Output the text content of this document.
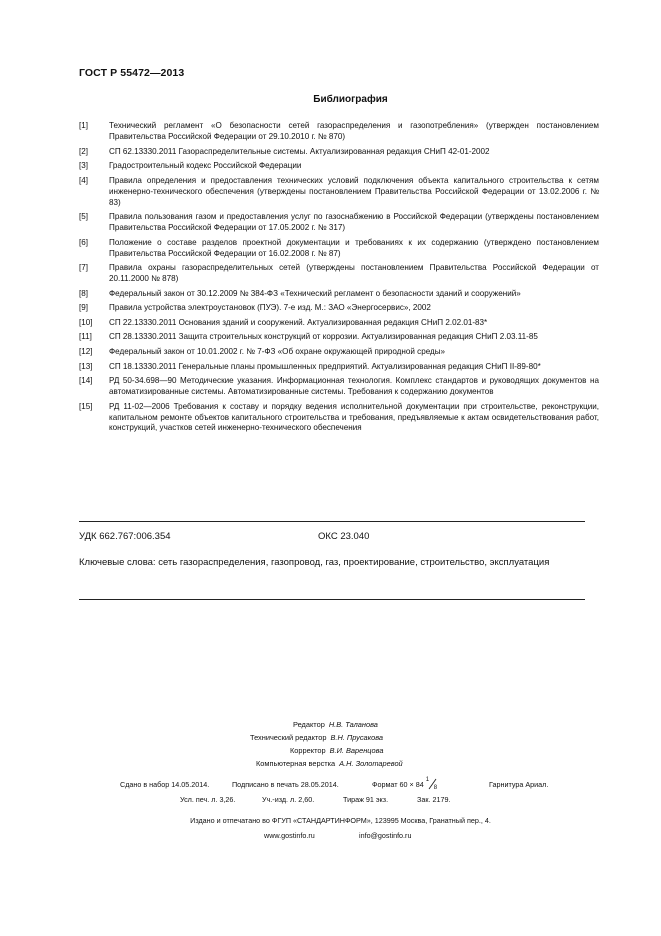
ГОСТ Р 55472—2013
Библиография
[1]	Технический регламент «О безопасности сетей газораспределения и газопотребления» (утвержден постановлением Правительства Российской Федерации от 29.10.2010 г. № 870)
[2]	СП 62.13330.2011 Газораспределительные системы. Актуализированная редакция СНиП 42-01-2002
[3]	Градостроительный кодекс Российской Федерации
[4]	Правила определения и предоставления технических условий подключения объекта капитального строительства к сетям инженерно-технического обеспечения (утверждены постановлением Правительства Российской Федерации от 13.02.2006 г. № 83)
[5]	Правила пользования газом и предоставления услуг по газоснабжению в Российской Федерации (утверждены постановлением Правительства Российской Федерации от 17.05.2002 г. № 317)
[6]	Положение о составе разделов проектной документации и требованиях к их содержанию (утверждено постановлением Правительства Российской Федерации от 16.02.2008 г. № 87)
[7]	Правила охраны газораспределительных сетей (утверждены постановлением Правительства Российской Федерации от 20.11.2000 № 878)
[8]	Федеральный закон от 30.12.2009 № 384-ФЗ «Технический регламент о безопасности зданий и сооружений»
[9]	Правила устройства электроустановок (ПУЭ). 7-е изд. М.: ЗАО «Энергосервис», 2002
[10]	СП 22.13330.2011 Основания зданий и сооружений. Актуализированная редакция СНиП 2.02.01-83*
[11]	СП 28.13330.2011 Защита строительных конструкций от коррозии. Актуализированная редакция СНиП 2.03.11-85
[12]	Федеральный закон от 10.01.2002 г. № 7-ФЗ «Об охране окружающей природной среды»
[13]	СП 18.13330.2011 Генеральные планы промышленных предприятий. Актуализированная редакция СНиП II-89-80*
[14]	РД 50-34.698—90 Методические указания. Информационная технология. Комплекс стандартов и руководящих документов на автоматизированные системы. Автоматизированные системы. Требования к содержанию документов
[15]	РД 11-02—2006 Требования к составу и порядку ведения исполнительной документации при строительстве, реконструкции, капитальном ремонте объектов капитального строительства и требования, предъявляемые к актам освидетельствования работ, конструкций, участков сетей инженерно-технического обеспечения
УДК 662.767:006.354	ОКС 23.040
Ключевые слова: сеть газораспределения, газопровод, газ, проектирование, строительство, эксплуатация
Редактор Н.В. Таланова
Технический редактор В.Н. Прусакова
Корректор В.И. Варенцова
Компьютерная верстка А.Н. Золотаревой
Сдано в набор 14.05.2014.	Подписано в печать 28.05.2014.	Формат 60 × 84 1
8	Гарнитура Ариал.
Усл. печ. л. 3,26.	Уч.-изд. л. 2,60.	Тираж 91 экз.	Зак. 2179.
Издано и отпечатано во ФГУП «СТАНДАРТИНФОРМ», 123995 Москва, Гранатный пер., 4.
www.gostinfo.ru	info@gostinfo.ru
